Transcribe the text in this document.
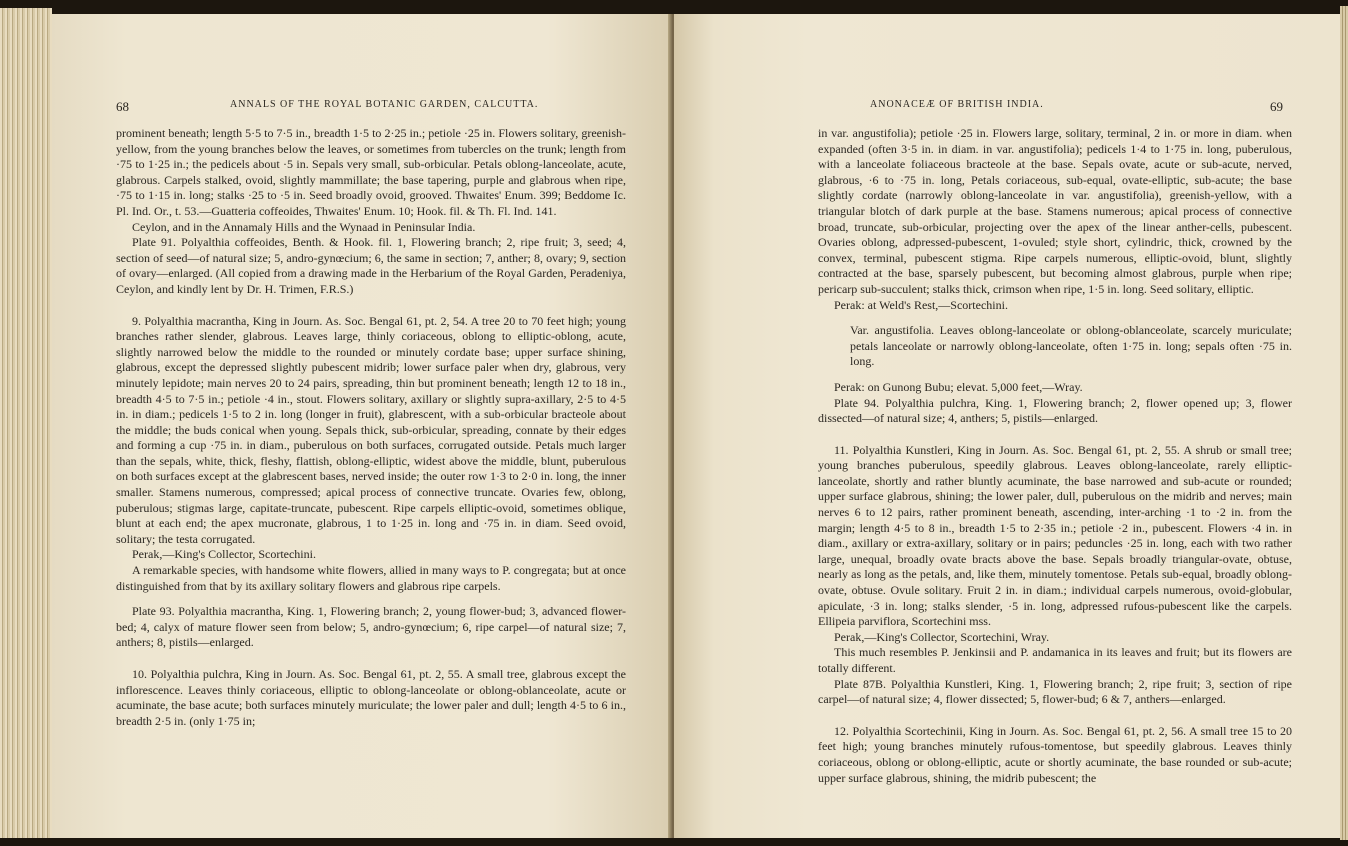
68	ANNALS OF THE ROYAL BOTANIC GARDEN, CALCUTTA.

prominent beneath; length 5·5 to 7·5 in., breadth 1·5 to 2·25 in.; petiole ·25 in. Flowers solitary, greenish-yellow, from the young branches below the leaves, or sometimes from tubercles on the trunk; length from ·75 to 1·25 in.; the pedicels about ·5 in. Sepals very small, sub-orbicular. Petals oblong-lanceolate, acute, glabrous. Carpels stalked, ovoid, slightly mammillate; the base tapering, purple and glabrous when ripe, ·75 to 1·15 in. long; stalks ·25 to ·5 in. Seed broadly ovoid, grooved. Thwaites' Enum. 399; Beddome Ic. Pl. Ind. Or., t. 53.—Guatteria coffeoides, Thwaites' Enum. 10; Hook. fil. & Th. Fl. Ind. 141.

Ceylon, and in the Annamaly Hills and the Wynaad in Peninsular India.

Plate 91. Polyalthia coffeoides, Benth. & Hook. fil. 1, Flowering branch; 2, ripe fruit; 3, seed; 4, section of seed—of natural size; 5, andro-gynœcium; 6, the same in section; 7, anther; 8, ovary; 9, section of ovary—enlarged. (All copied from a drawing made in the Herbarium of the Royal Garden, Peradeniya, Ceylon, and kindly lent by Dr. H. Trimen, F.R.S.)

9. Polyalthia macrantha, King in Journ. As. Soc. Bengal 61, pt. 2, 54. A tree 20 to 70 feet high; young branches rather slender, glabrous. Leaves large, thinly coriaceous, oblong to elliptic-oblong, acute, slightly narrowed below the middle to the rounded or minutely cordate base; upper surface shining, glabrous, except the depressed slightly pubescent midrib; lower surface paler when dry, glabrous, very minutely lepidote; main nerves 20 to 24 pairs, spreading, thin but prominent beneath; length 12 to 18 in., breadth 4·5 to 7·5 in.; petiole ·4 in., stout. Flowers solitary, axillary or slightly supra-axillary, 2·5 to 4·5 in. in diam.; pedicels 1·5 to 2 in. long (longer in fruit), glabrescent, with a sub-orbicular bracteole about the middle; the buds conical when young. Sepals thick, sub-orbicular, spreading, connate by their edges and forming a cup ·75 in. in diam., puberulous on both surfaces, corrugated outside. Petals much larger than the sepals, white, thick, fleshy, flattish, oblong-elliptic, widest above the middle, blunt, puberulous on both surfaces except at the glabrescent bases, nerved inside; the outer row 1·3 to 2·0 in. long, the inner smaller. Stamens numerous, compressed; apical process of connective truncate. Ovaries few, oblong, puberulous; stigmas large, capitate-truncate, pubescent. Ripe carpels elliptic-ovoid, sometimes oblique, blunt at each end; the apex mucronate, glabrous, 1 to 1·25 in. long and ·75 in. in diam. Seed ovoid, solitary; the testa corrugated.

Perak,—King's Collector, Scortechini.

A remarkable species, with handsome white flowers, allied in many ways to P. congregata; but at once distinguished from that by its axillary solitary flowers and glabrous ripe carpels.

Plate 93. Polyalthia macrantha, King. 1, Flowering branch; 2, young flower-bud; 3, advanced flower-bed; 4, calyx of mature flower seen from below; 5, andro-gynœcium; 6, ripe carpel—of natural size; 7, anthers; 8, pistils—enlarged.

10. Polyalthia pulchra, King in Journ. As. Soc. Bengal 61, pt. 2, 55. A small tree, glabrous except the inflorescence. Leaves thinly coriaceous, elliptic to oblong-lanceolate or oblong-oblanceolate, acute or acuminate, the base acute; both surfaces minutely muriculate; the lower paler and dull; length 4·5 to 6 in., breadth 2·5 in. (only 1·75 in;

ANONACEÆ OF BRITISH INDIA.	69

in var. angustifolia); petiole ·25 in. Flowers large, solitary, terminal, 2 in. or more in diam. when expanded (often 3·5 in. in diam. in var. angustifolia); pedicels 1·4 to 1·75 in. long, puberulous, with a lanceolate foliaceous bracteole at the base. Sepals ovate, acute or sub-acute, nerved, glabrous, ·6 to ·75 in. long, Petals coriaceous, sub-equal, ovate-elliptic, sub-acute; the base slightly cordate (narrowly oblong-lanceolate in var. angustifolia), greenish-yellow, with a triangular blotch of dark purple at the base. Stamens numerous; apical process of connective broad, truncate, sub-orbicular, projecting over the apex of the linear anther-cells, pubescent. Ovaries oblong, adpressed-pubescent, 1-ovuled; style short, cylindric, thick, crowned by the convex, terminal, pubescent stigma. Ripe carpels numerous, elliptic-ovoid, blunt, slightly contracted at the base, sparsely pubescent, but becoming almost glabrous, purple when ripe; pericarp sub-succulent; stalks thick, crimson when ripe, 1·5 in. long. Seed solitary, elliptic.

Perak: at Weld's Rest,—Scortechini.

Var. angustifolia. Leaves oblong-lanceolate or oblong-oblanceolate, scarcely muriculate; petals lanceolate or narrowly oblong-lanceolate, often 1·75 in. long; sepals often ·75 in. long.

Perak: on Gunong Bubu; elevat. 5,000 feet,—Wray.

Plate 94. Polyalthia pulchra, King. 1, Flowering branch; 2, flower opened up; 3, flower dissected—of natural size; 4, anthers; 5, pistils—enlarged.

11. Polyalthia Kunstleri, King in Journ. As. Soc. Bengal 61, pt. 2, 55. A shrub or small tree; young branches puberulous, speedily glabrous. Leaves oblong-lanceolate, rarely elliptic-lanceolate, shortly and rather bluntly acuminate, the base narrowed and sub-acute or rounded; upper surface glabrous, shining; the lower paler, dull, puberulous on the midrib and nerves; main nerves 6 to 12 pairs, rather prominent beneath, ascending, inter-arching ·1 to ·2 in. from the margin; length 4·5 to 8 in., breadth 1·5 to 2·35 in.; petiole ·2 in., pubescent. Flowers ·4 in. in diam., axillary or extra-axillary, solitary or in pairs; peduncles ·25 in. long, each with two rather large, unequal, broadly ovate bracts above the base. Sepals broadly triangular-ovate, obtuse, nearly as long as the petals, and, like them, minutely tomentose. Petals sub-equal, broadly oblong-ovate, obtuse. Ovule solitary. Fruit 2 in. in diam.; individual carpels numerous, ovoid-globular, apiculate, ·3 in. long; stalks slender, ·5 in. long, adpressed rufous-pubescent like the carpels. Ellipeia parviflora, Scortechini mss.

Perak,—King's Collector, Scortechini, Wray.

This much resembles P. Jenkinsii and P. andamanica in its leaves and fruit; but its flowers are totally different.

Plate 87B. Polyalthia Kunstleri, King. 1, Flowering branch; 2, ripe fruit; 3, section of ripe carpel—of natural size; 4, flower dissected; 5, flower-bud; 6 & 7, anthers—enlarged.

12. Polyalthia Scortechinii, King in Journ. As. Soc. Bengal 61, pt. 2, 56. A small tree 15 to 20 feet high; young branches minutely rufous-tomentose, but speedily glabrous. Leaves thinly coriaceous, oblong or oblong-elliptic, acute or shortly acuminate, the base rounded or sub-acute; upper surface glabrous, shining, the midrib pubescent; the
